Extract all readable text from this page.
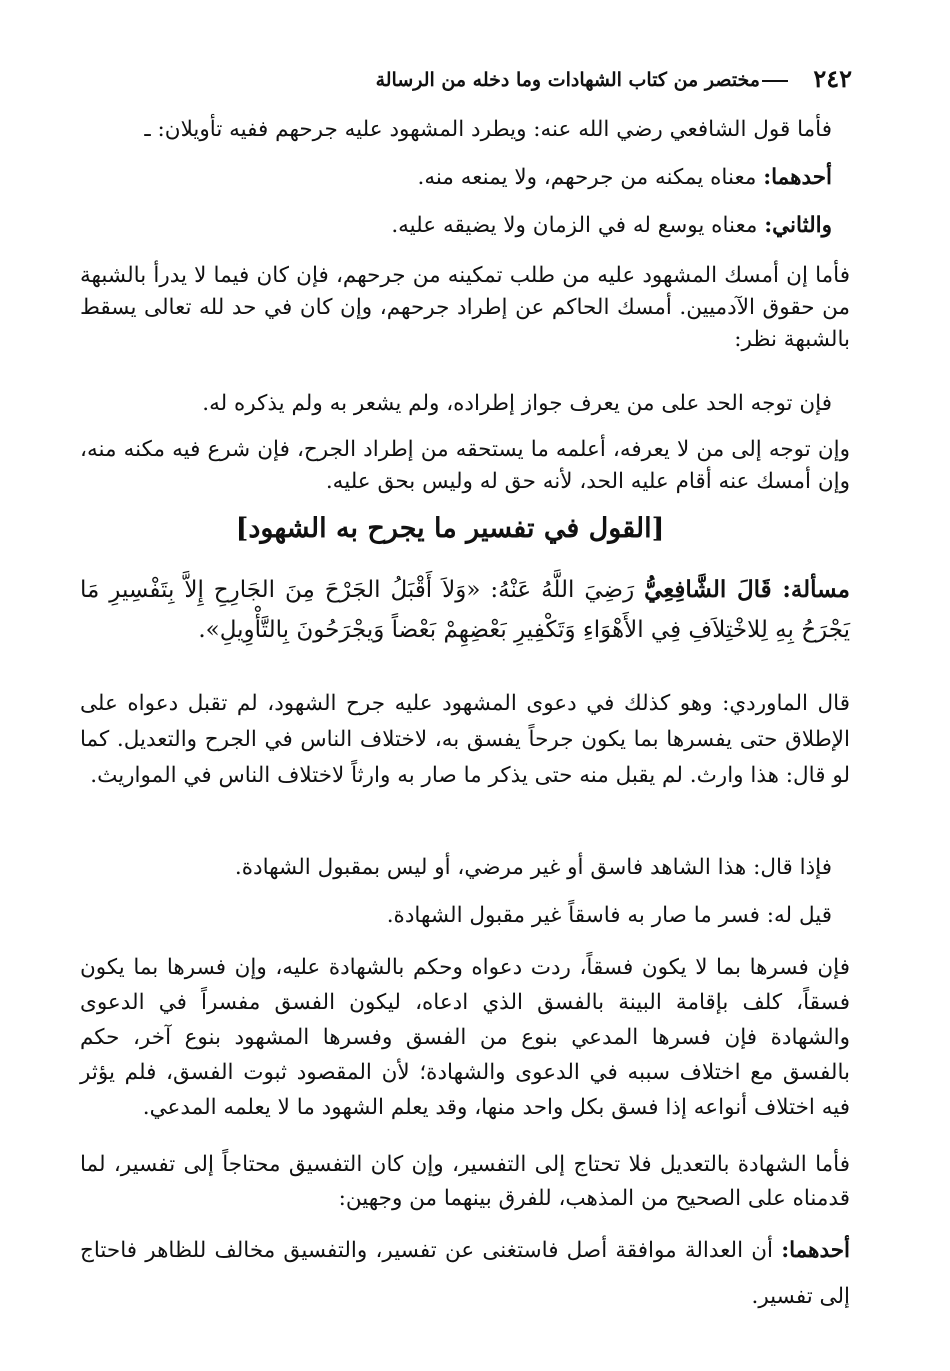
٢٤٢
مختصر من كتاب الشهادات وما دخله من الرسالة

فأما قول الشافعي رضي الله عنه: ويطرد المشهود عليه جرحهم ففيه تأويلان: ـ

أحدهما: معناه يمكنه من جرحهم، ولا يمنعه منه.

والثاني: معناه يوسع له في الزمان ولا يضيقه عليه.

فأما إن أمسك المشهود عليه من طلب تمكينه من جرحهم، فإن كان فيما لا يدرأ بالشبهة من حقوق الآدميين. أمسك الحاكم عن إطراد جرحهم، وإن كان في حد لله تعالى يسقط بالشبهة نظر:

فإن توجه الحد على من يعرف جواز إطراده، ولم يشعر به ولم يذكره له.

وإن توجه إلى من لا يعرفه، أعلمه ما يستحقه من إطراد الجرح، فإن شرع فيه مكنه منه، وإن أمسك عنه أقام عليه الحد، لأنه حق له وليس بحق عليه.

[القول في تفسير ما يجرح به الشهود]

مسألة: قَالَ الشَّافِعِيُّ رَضِيَ اللَّهُ عَنْهُ: «وَلاَ أَقْبَلُ الجَرْحَ مِنَ الجَارِحِ إِلاَّ بِتَفْسِيرِ مَا يَجْرَحُ بِهِ لِلاخْتِلاَفِ فِي الأَهْوَاءِ وَتَكْفِيرِ بَعْضِهِمْ بَعْضاً وَيجْرَحُونَ بِالتَّأْوِيلِ».

قال الماوردي: وهو كذلك في دعوى المشهود عليه جرح الشهود، لم تقبل دعواه على الإطلاق حتى يفسرها بما يكون جرحاً يفسق به، لاختلاف الناس في الجرح والتعديل. كما لو قال: هذا وارث. لم يقبل منه حتى يذكر ما صار به وارثاً لاختلاف الناس في المواريث.

فإذا قال: هذا الشاهد فاسق أو غير مرضي، أو ليس بمقبول الشهادة.

قيل له: فسر ما صار به فاسقاً غير مقبول الشهادة.

فإن فسرها بما لا يكون فسقاً، ردت دعواه وحكم بالشهادة عليه، وإن فسرها بما يكون فسقاً، كلف بإقامة البينة بالفسق الذي ادعاه، ليكون الفسق مفسراً في الدعوى والشهادة فإن فسرها المدعي بنوع من الفسق وفسرها المشهود بنوع آخر، حكم بالفسق مع اختلاف سببه في الدعوى والشهادة؛ لأن المقصود ثبوت الفسق، فلم يؤثر فيه اختلاف أنواعه إذا فسق بكل واحد منها، وقد يعلم الشهود ما لا يعلمه المدعي.

فأما الشهادة بالتعديل فلا تحتاج إلى التفسير، وإن كان التفسيق محتاجاً إلى تفسير، لما قدمناه على الصحيح من المذهب، للفرق بينهما من وجهين:

أحدهما: أن العدالة موافقة أصل فاستغنى عن تفسير، والتفسيق مخالف للظاهر فاحتاج إلى تفسير.
